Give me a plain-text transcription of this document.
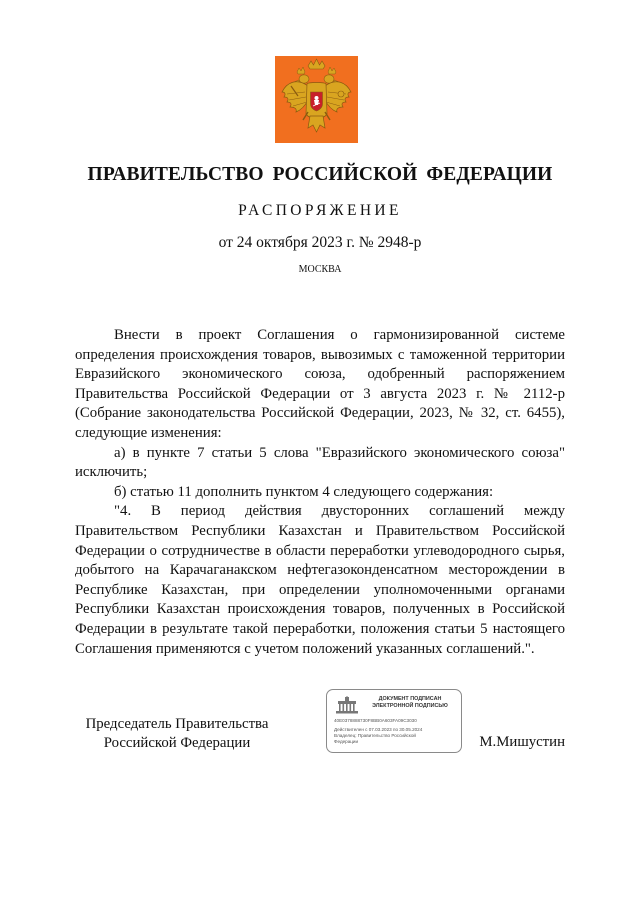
ПРАВИТЕЛЬСТВО РОССИЙСКОЙ ФЕДЕРАЦИИ
РАСПОРЯЖЕНИЕ
от 24 октября 2023 г. № 2948-р
МОСКВА

Внести в проект Соглашения о гармонизированной системе определения происхождения товаров, вывозимых с таможенной территории Евразийского экономического союза, одобренный распоряжением Правительства Российской Федерации от 3 августа 2023 г. № 2112-р (Собрание законодательства Российской Федерации, 2023, № 32, ст. 6455), следующие изменения:

а) в пункте 7 статьи 5 слова "Евразийского экономического союза" исключить;

б) статью 11 дополнить пунктом 4 следующего содержания:

"4. В период действия двусторонних соглашений между Правительством Республики Казахстан и Правительством Российской Федерации о сотрудничестве в области переработки углеводородного сырья, добытого на Карачаганакском нефтегазоконденсатном месторождении в Республике Казахстан, при определении уполномоченными органами Республики Казахстан происхождения товаров, полученных в Российской Федерации в результате такой переработки, положения статьи 5 настоящего Соглашения применяются с учетом положений указанных соглашений.".

Председатель Правительства
Российской Федерации	М.Мишустин
ДОКУМЕНТ ПОДПИСАН
ЭЛЕКТРОННОЙ ПОДПИСЬЮ
40E0378888730F8BB0A603FA09C3030
Действителен с 07.03.2023 по 30.05.2024
Владелец: Правительство Российской
Федерации
